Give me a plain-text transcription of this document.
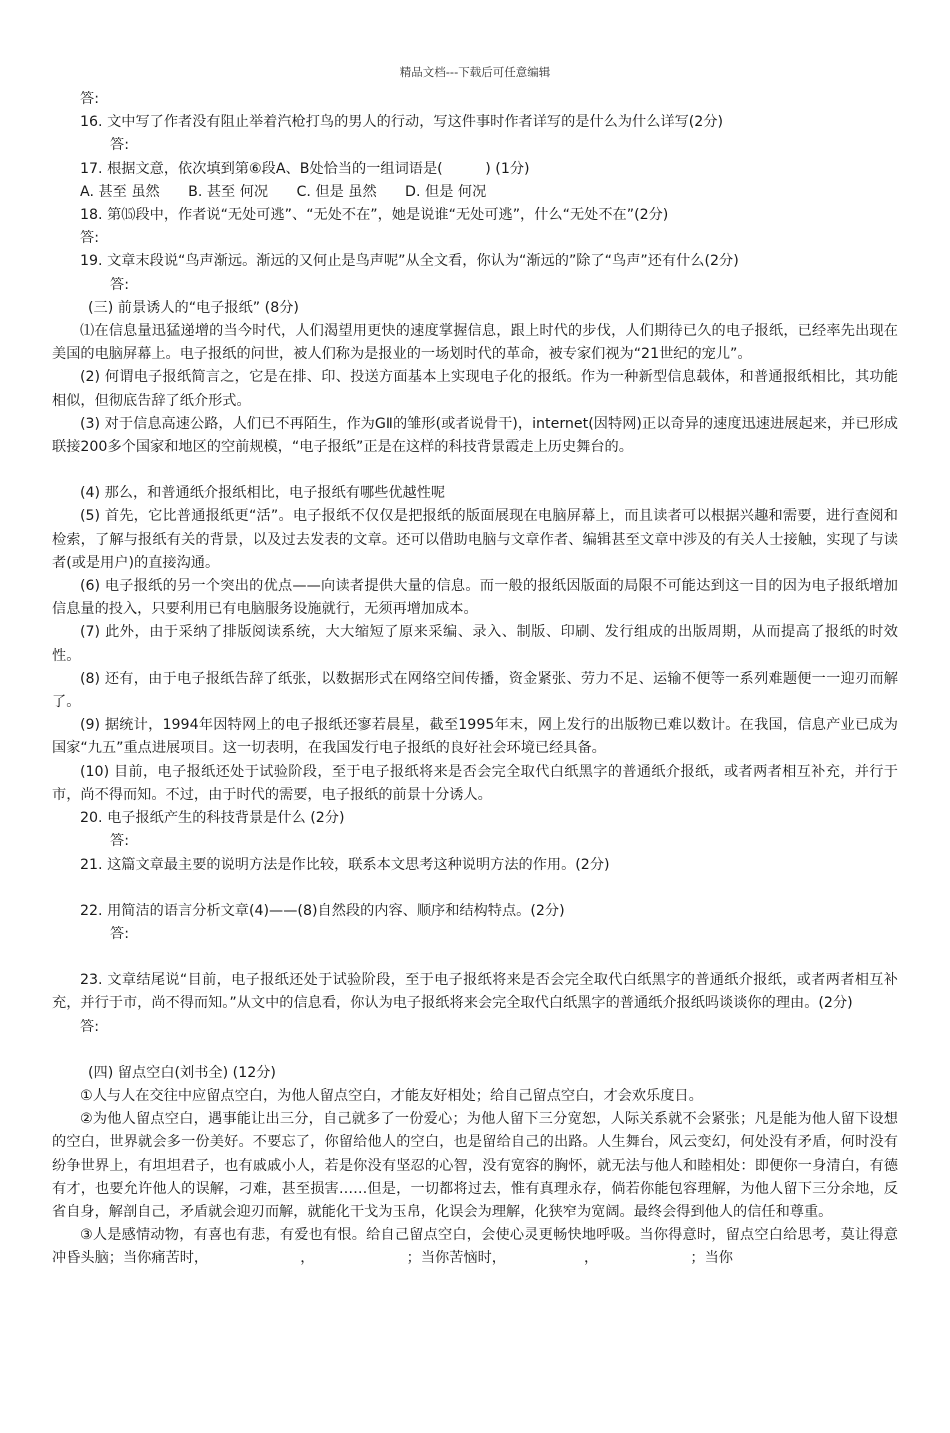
精品文档---下载后可任意编辑

答:

16. 文中写了作者没有阻止举着汽枪打鸟的男人的行动，写这件事时作者详写的是什么为什么详写(2分)

答:

17. 根据文意，依次填到第⑥段A、B处恰当的一组词语是(　　　) (1分)

A. 甚至 虽然　　B. 甚至 何况　　C. 但是 虽然　　D. 但是 何况

18. 第⒂段中，作者说“无处可逃”、“无处不在”，她是说谁“无处可逃”，什么“无处不在”(2分)

答:

19. 文章末段说“鸟声渐远。渐远的又何止是鸟声呢”从全文看，你认为“渐远的”除了“鸟声”还有什么(2分)

答:

(三) 前景诱人的“电子报纸” (8分)

⑴在信息量迅猛递增的当今时代，人们渴望用更快的速度掌握信息，跟上时代的步伐，人们期待已久的电子报纸，已经率先出现在美国的电脑屏幕上。电子报纸的问世，被人们称为是报业的一场划时代的革命，被专家们视为“21世纪的宠儿”。

(2) 何谓电子报纸简言之，它是在排、印、投送方面基本上实现电子化的报纸。作为一种新型信息载体，和普通报纸相比，其功能相似，但彻底告辞了纸介形式。

(3) 对于信息高速公路，人们已不再陌生，作为GⅡ的雏形(或者说骨干)，internet(因特网)正以奇异的速度迅速进展起来，并已形成联接200多个国家和地区的空前规模，“电子报纸”正是在这样的科技背景霞走上历史舞台的。

(4) 那么，和普通纸介报纸相比，电子报纸有哪些优越性呢

(5) 首先，它比普通报纸更“活”。电子报纸不仅仅是把报纸的版面展现在电脑屏幕上，而且读者可以根据兴趣和需要，进行查阅和检索，了解与报纸有关的背景，以及过去发表的文章。还可以借助电脑与文章作者、编辑甚至文章中涉及的有关人士接触，实现了与读者(或是用户)的直接沟通。

(6) 电子报纸的另一个突出的优点——向读者提供大量的信息。而一般的报纸因版面的局限不可能达到这一目的因为电子报纸增加信息量的投入，只要利用已有电脑服务设施就行，无须再增加成本。

(7) 此外，由于采纳了排版阅读系统，大大缩短了原来采编、录入、制版、印刷、发行组成的出版周期，从而提高了报纸的时效性。

(8) 还有，由于电子报纸告辞了纸张，以数据形式在网络空间传播，资金紧张、劳力不足、运输不便等一系列难题便一一迎刃而解了。

(9) 据统计，1994年因特网上的电子报纸还寥若晨星，截至1995年末，网上发行的出版物已难以数计。在我国，信息产业已成为国家“九五”重点进展项目。这一切表明，在我国发行电子报纸的良好社会环境已经具备。

(10) 目前，电子报纸还处于试验阶段，至于电子报纸将来是否会完全取代白纸黑字的普通纸介报纸，或者两者相互补充，并行于市，尚不得而知。不过，由于时代的需要，电子报纸的前景十分诱人。

20. 电子报纸产生的科技背景是什么 (2分)

答:

21. 这篇文章最主要的说明方法是作比较，联系本文思考这种说明方法的作用。(2分)

22. 用简洁的语言分析文章(4)——(8)自然段的内容、顺序和结构特点。(2分)

答:

23. 文章结尾说“目前，电子报纸还处于试验阶段，至于电子报纸将来是否会完全取代白纸黑字的普通纸介报纸，或者两者相互补充，并行于市，尚不得而知。”从文中的信息看，你认为电子报纸将来会完全取代白纸黑字的普通纸介报纸吗谈谈你的理由。(2分)

答:

(四) 留点空白(刘书全) (12分)

①人与人在交往中应留点空白，为他人留点空白，才能友好相处；给自己留点空白，才会欢乐度日。

②为他人留点空白，遇事能让出三分，自己就多了一份爱心；为他人留下三分宽恕，人际关系就不会紧张；凡是能为他人留下设想的空白，世界就会多一份美好。不要忘了，你留给他人的空白，也是留给自己的出路。人生舞台，风云变幻，何处没有矛盾，何时没有纷争世界上，有坦坦君子，也有戚戚小人，若是你没有坚忍的心智，没有宽容的胸怀，就无法与他人和睦相处：即便你一身清白，有德有才，也要允许他人的误解，刁难，甚至损害……但是，一切都将过去，惟有真理永存，倘若你能包容理解，为他人留下三分余地，反省自身，解剖自己，矛盾就会迎刃而解，就能化干戈为玉帛，化误会为理解，化狭窄为宽阔。最终会得到他人的信任和尊重。

③人是感情动物，有喜也有悲，有爱也有恨。给自己留点空白，会使心灵更畅快地呼吸。当你得意时，留点空白给思考，莫让得意冲昏头脑；当你痛苦时，　　　　　　　，　　　　　　　；当你苦恼时，　　　　　　，　　　　　　　；当你
